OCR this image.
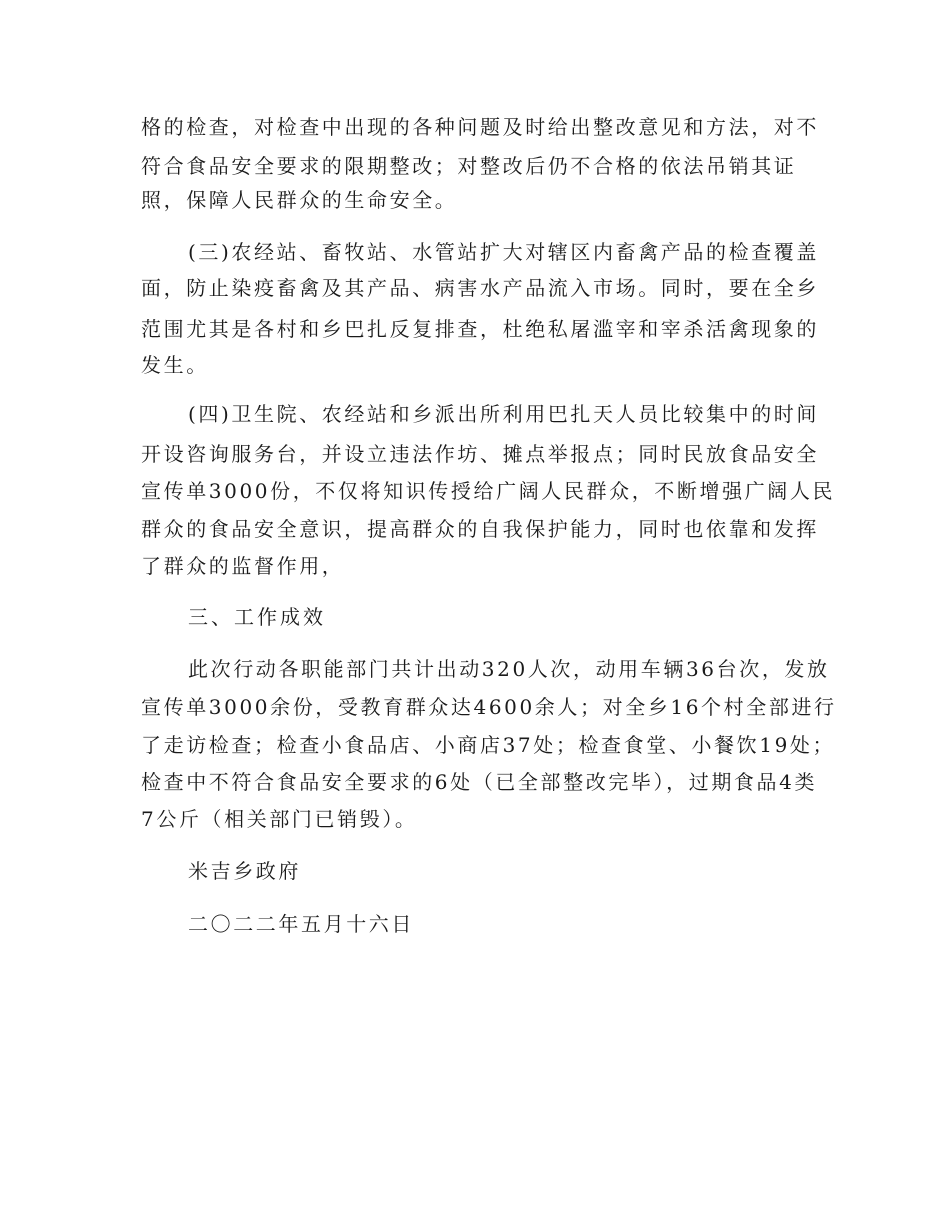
格的检查，对检查中出现的各种问题及时给出整改意见和方法，对不
符合食品安全要求的限期整改；对整改后仍不合格的依法吊销其证
照，保障人民群众的生命安全。
(三)农经站、畜牧站、水管站扩大对辖区内畜禽产品的检查覆盖
面，防止染疫畜禽及其产品、病害水产品流入市场。同时，要在全乡
范围尤其是各村和乡巴扎反复排查，杜绝私屠滥宰和宰杀活禽现象的
发生。
(四)卫生院、农经站和乡派出所利用巴扎天人员比较集中的时间
开设咨询服务台，并设立违法作坊、摊点举报点；同时民放食品安全
宣传单3000份，不仅将知识传授给广阔人民群众，不断增强广阔人民
群众的食品安全意识，提高群众的自我保护能力，同时也依靠和发挥
了群众的监督作用，
三、工作成效
此次行动各职能部门共计出动320人次，动用车辆36台次，发放
宣传单3000余份，受教育群众达4600余人；对全乡16个村全部进行
了走访检查；检查小食品店、小商店37处；检查食堂、小餐饮19处；
检查中不符合食品安全要求的6处（已全部整改完毕），过期食品4类
7公斤（相关部门已销毁）。
米吉乡政府
二〇二二年五月十六日
